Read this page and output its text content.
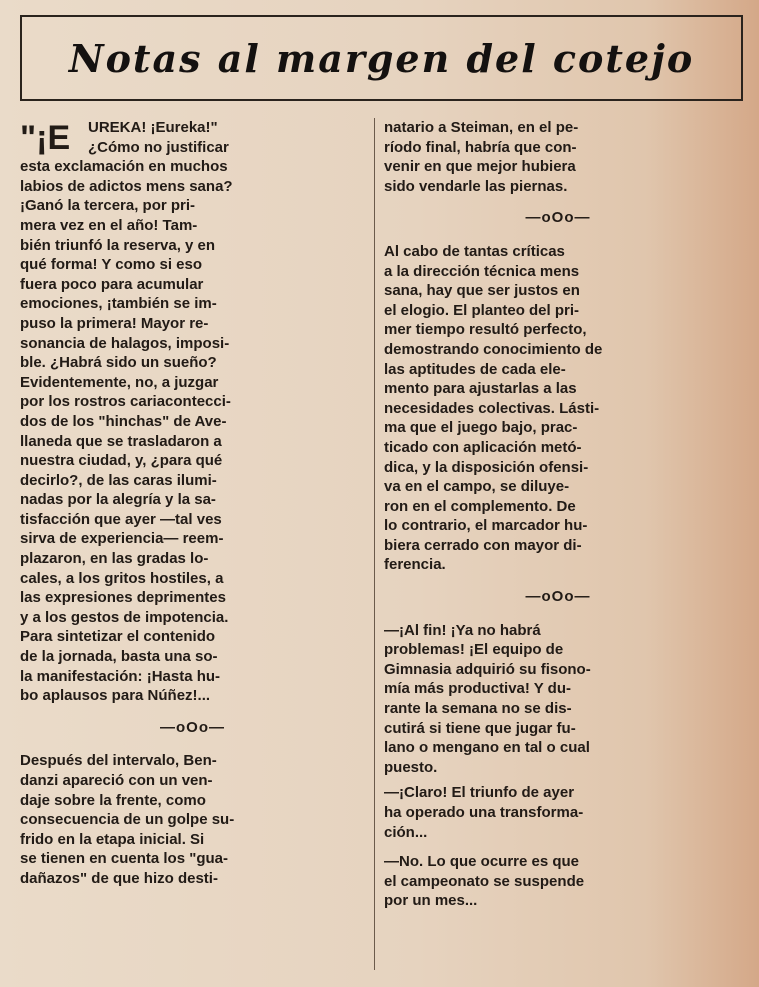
Notas al margen del cotejo
"¡E	UREKA! ¡Eureka!"

¿Cómo no justificar

esta exclamación en muchos

labios de adictos mens sana?

¡Ganó la tercera, por pri-

mera vez en el año! Tam-

bién triunfó la reserva, y en

qué forma! Y como si eso

fuera poco para acumular

emociones, ¡también se im-

puso la primera! Mayor re-

sonancia de halagos, imposi-

ble. ¿Habrá sido un sueño?

Evidentemente, no, a juzgar

por los rostros cariacontecci-

dos de los "hinchas" de Ave-

llaneda que se trasladaron a

nuestra ciudad, y, ¿para qué

decirlo?, de las caras ilumi-

nadas por la alegría y la sa-

tisfacción que ayer —tal ves

sirva de experiencia— reem-

plazaron, en las gradas lo-

cales, a los gritos hostiles, a

las expresiones deprimentes

y a los gestos de impotencia.

Para sintetizar el contenido

de la jornada, basta una so-

la manifestación: ¡Hasta hu-

bo aplausos para Núñez!...

—oOo—

Después del intervalo, Ben-

danzi apareció con un ven-

daje sobre la frente, como

consecuencia de un golpe su-

frido en la etapa inicial. Si

se tienen en cuenta los "gua-

dañazos" de que hizo desti-

natario a Steiman, en el pe-

ríodo final, habría que con-

venir en que mejor hubiera

sido vendarle las piernas.

—oOo—

Al cabo de tantas críticas

a la dirección técnica mens

sana, hay que ser justos en

el elogio. El planteo del pri-

mer tiempo resultó perfecto,

demostrando conocimiento de

las aptitudes de cada ele-

mento para ajustarlas a las

necesidades colectivas. Lásti-

ma que el juego bajo, prac-

ticado con aplicación metó-

dica, y la disposición ofensi-

va en el campo, se diluye-

ron en el complemento. De

lo contrario, el marcador hu-

biera cerrado con mayor di-

ferencia.

—oOo—

—¡Al fin! ¡Ya no habrá

problemas! ¡El equipo de

Gimnasia adquirió su fisono-

mía más productiva! Y du-

rante la semana no se dis-

cutirá si tiene que jugar fu-

lano o mengano en tal o cual

puesto.

—¡Claro! El triunfo de ayer

ha operado una transforma-

ción...

—No. Lo que ocurre es que

el campeonato se suspende

por un mes...
